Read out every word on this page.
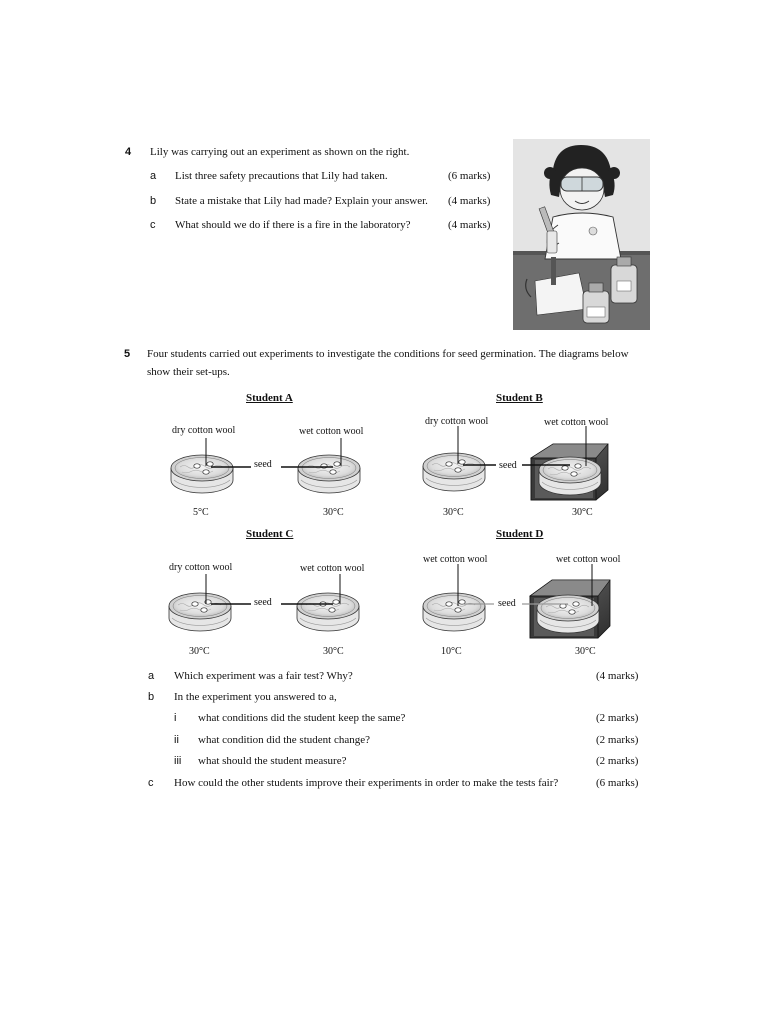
4 Lily was carrying out an experiment as shown on the right.
a List three safety precautions that Lily had taken.	(6 marks)
b State a mistake that Lily had made? Explain your answer. (4 marks)
c What should we do if there is a fire in the laboratory?	(4 marks)
5 Four students carried out experiments to investigate the conditions for seed germination. The diagrams below
show their set-ups.
Student A
dry cotton wool	wet cotton wool
seed
5°C	30°C
Student B
dry cotton wool	wet cotton wool
seed
30°C	30°C
Student C
dry cotton wool	wet cotton wool
seed
30°C	30°C
Student D
wet cotton wool	wet cotton wool
seed
10°C	30°C
a Which experiment was a fair test? Why?	(4 marks)
b In the experiment you answered to a,
i what conditions did the student keep the same?	(2 marks)
ii what condition did the student change?	(2 marks)
iii what should the student measure?	(2 marks)
c How could the other students improve their experiments in order to make the tests fair?	(6 marks)
